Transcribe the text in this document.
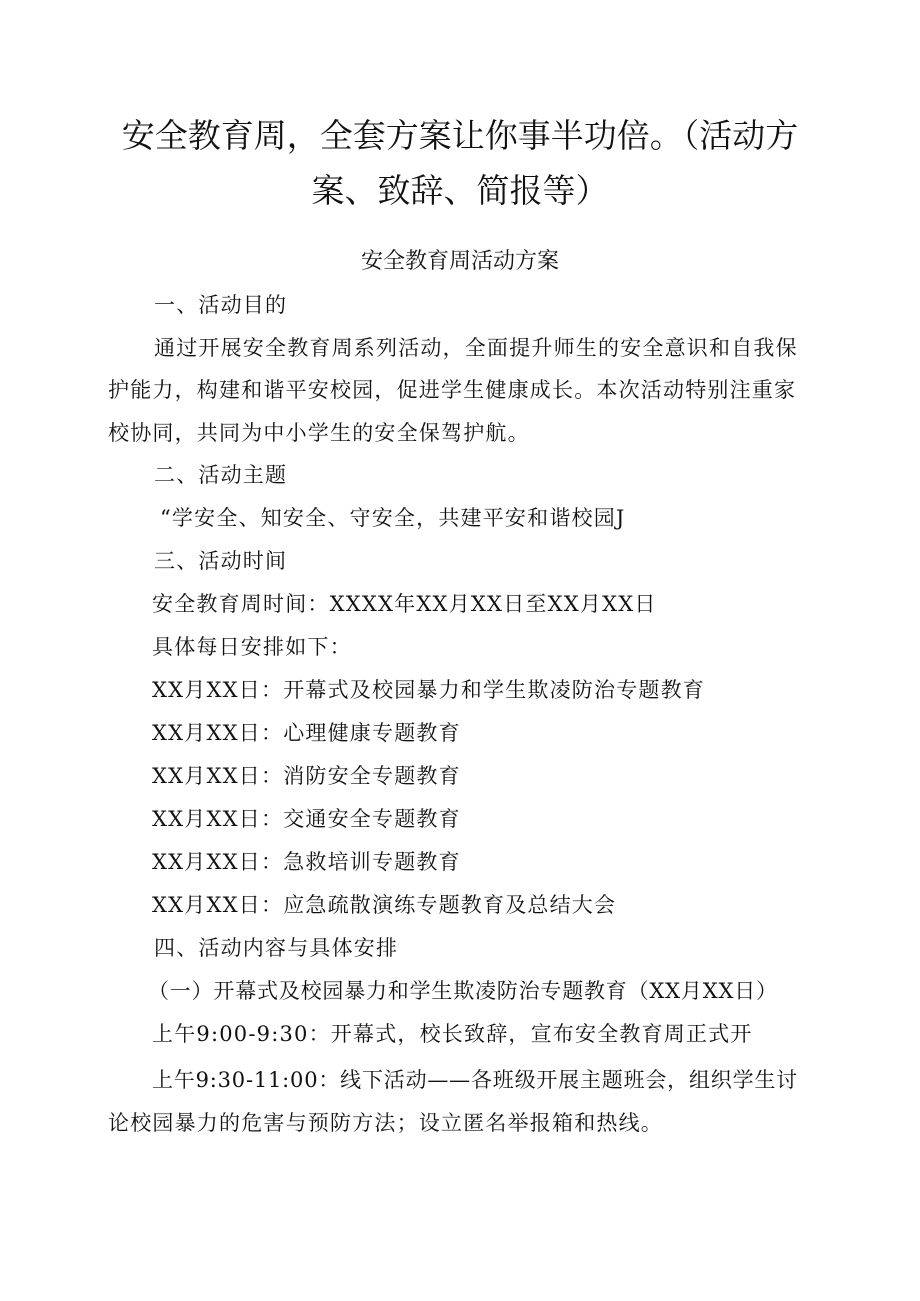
安全教育周，全套方案让你事半功倍。（活动方
案、致辞、简报等）
安全教育周活动方案
一、活动目的
通过开展安全教育周系列活动，全面提升师生的安全意识和自我保
护能力，构建和谐平安校园，促进学生健康成长。本次活动特别注重家
校协同，共同为中小学生的安全保驾护航。
二、活动主题
“学安全、知安全、守安全，共建平安和谐校园J
三、活动时间
安全教育周时间：XXXX年XX月XX日至XX月XX日
具体每日安排如下：
XX月XX日：开幕式及校园暴力和学生欺凌防治专题教育
XX月XX日：心理健康专题教育
XX月XX日：消防安全专题教育
XX月XX日：交通安全专题教育
XX月XX日：急救培训专题教育
XX月XX日：应急疏散演练专题教育及总结大会
四、活动内容与具体安排
（一）开幕式及校园暴力和学生欺凌防治专题教育（XX月XX日）
上午9:00-9:30：开幕式，校长致辞，宣布安全教育周正式开
上午9:30-11:00：线下活动——各班级开展主题班会，组织学生讨
论校园暴力的危害与预防方法；设立匿名举报箱和热线。
